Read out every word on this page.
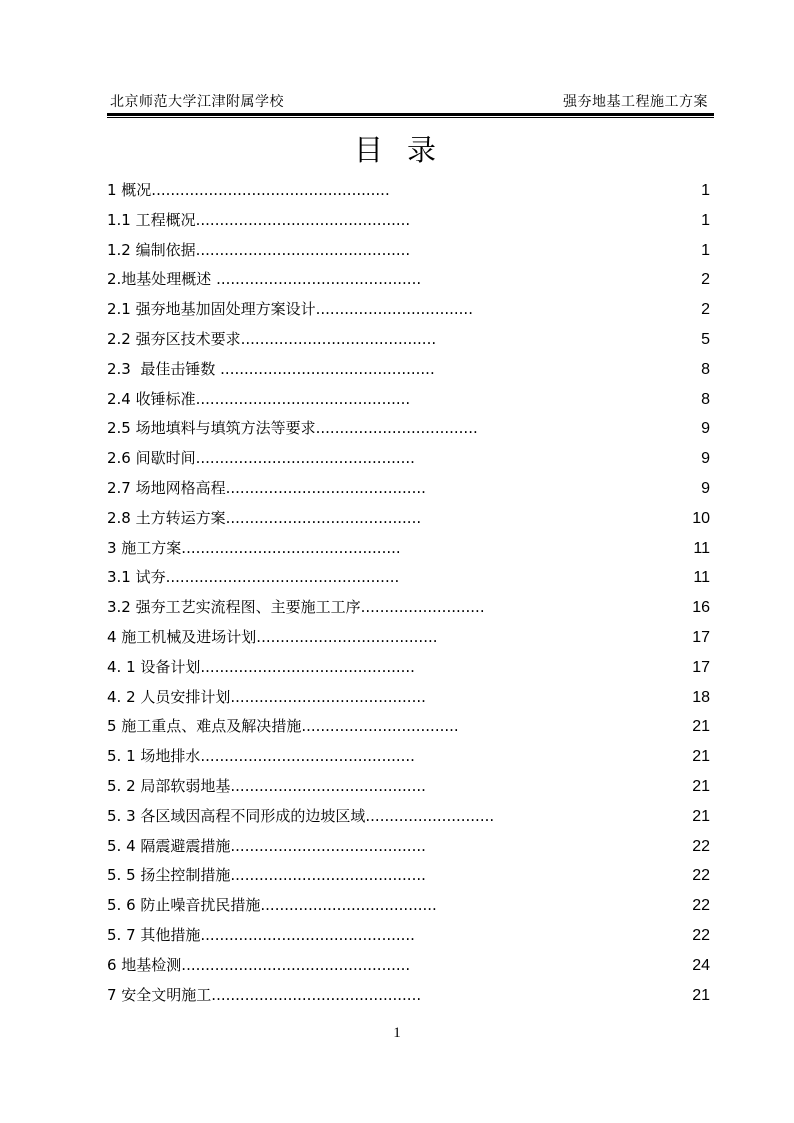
北京师范大学江津附属学校	强夯地基工程施工方案
目录
1 概况..................................................	1
1.1 工程概况.............................................	1
1.2 编制依据.............................................	1
2.地基处理概述 ...........................................	2
2.1 强夯地基加固处理方案设计.................................	2
2.2 强夯区技术要求.........................................	5
2.3  最佳击锤数 .............................................	8
2.4 收锤标准.............................................	8
2.5 场地填料与填筑方法等要求..................................	9
2.6 间歇时间..............................................	9
2.7 场地网格高程..........................................	9
2.8 土方转运方案.........................................	10
3 施工方案..............................................	11
3.1 试夯.................................................	11
3.2 强夯工艺实流程图、主要施工工序..........................	16
4 施工机械及进场计划......................................	17
4. 1 设备计划.............................................	17
4. 2 人员安排计划.........................................	18
5 施工重点、难点及解决措施.................................	21
5. 1 场地排水.............................................	21
5. 2 局部软弱地基.........................................	21
5. 3 各区域因高程不同形成的边坡区域...........................	21
5. 4 隔震避震措施.........................................	22
5. 5 扬尘控制措施.........................................	22
5. 6 防止噪音扰民措施.....................................	22
5. 7 其他措施.............................................	22
6 地基检测................................................	24
7 安全文明施工............................................	21
1
